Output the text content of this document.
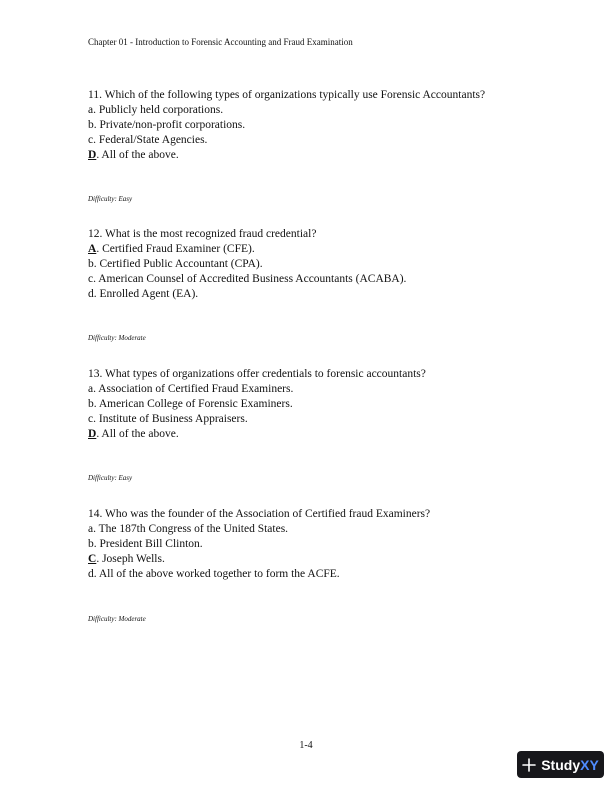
Chapter 01 - Introduction to Forensic Accounting and Fraud Examination

11. Which of the following types of organizations typically use Forensic Accountants?

a. Publicly held corporations.

b. Private/non-profit corporations.

c. Federal/State Agencies.

D. All of the above.

Difficulty: Easy

12. What is the most recognized fraud credential?

A. Certified Fraud Examiner (CFE).

b. Certified Public Accountant (CPA).

c. American Counsel of Accredited Business Accountants (ACABA).

d. Enrolled Agent (EA).

Difficulty: Moderate

13. What types of organizations offer credentials to forensic accountants?

a. Association of Certified Fraud Examiners.

b. American College of Forensic Examiners.

c. Institute of Business Appraisers.

D. All of the above.

Difficulty: Easy

14. Who was the founder of the Association of Certified fraud Examiners?

a. The 187th Congress of the United States.

b. President Bill Clinton.

C. Joseph Wells.

d. All of the above worked together to form the ACFE.

Difficulty: Moderate
1-4
Study XY
